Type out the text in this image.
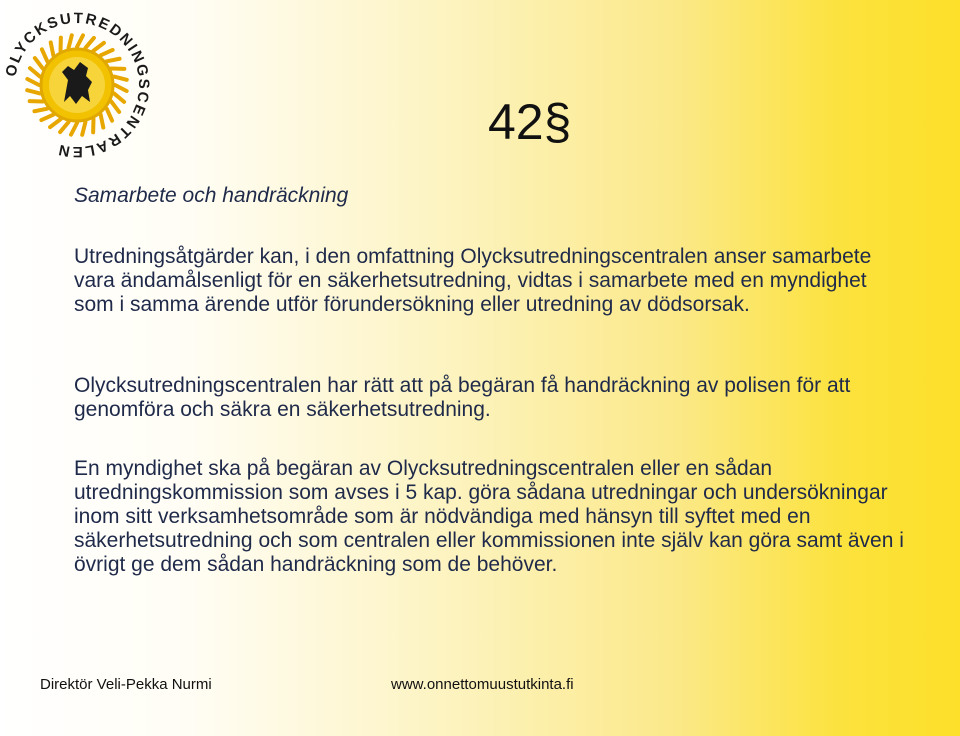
OLYCKSUTREDNINGSCENTRALEN
42§
Samarbete och handräckning

Utredningsåtgärder kan, i den omfattning Olycksutredningscentralen anser samarbete vara ändamålsenligt för en säkerhetsutredning, vidtas i samarbete med en myndighet som i samma ärende utför förundersökning eller utredning av dödsorsak.

Olycksutredningscentralen har rätt att på begäran få handräckning av polisen för att genomföra och säkra en säkerhetsutredning.

En myndighet ska på begäran av Olycksutredningscentralen eller en sådan utredningskommission som avses i 5 kap. göra sådana utredningar och undersökningar inom sitt verksamhetsområde som är nödvändiga med hänsyn till syftet med en säkerhetsutredning och som centralen eller kommissionen inte själv kan göra samt även i övrigt ge dem sådan handräckning som de behöver.

Direktör Veli-Pekka Nurmi	www.onnettomuustutkinta.fi
